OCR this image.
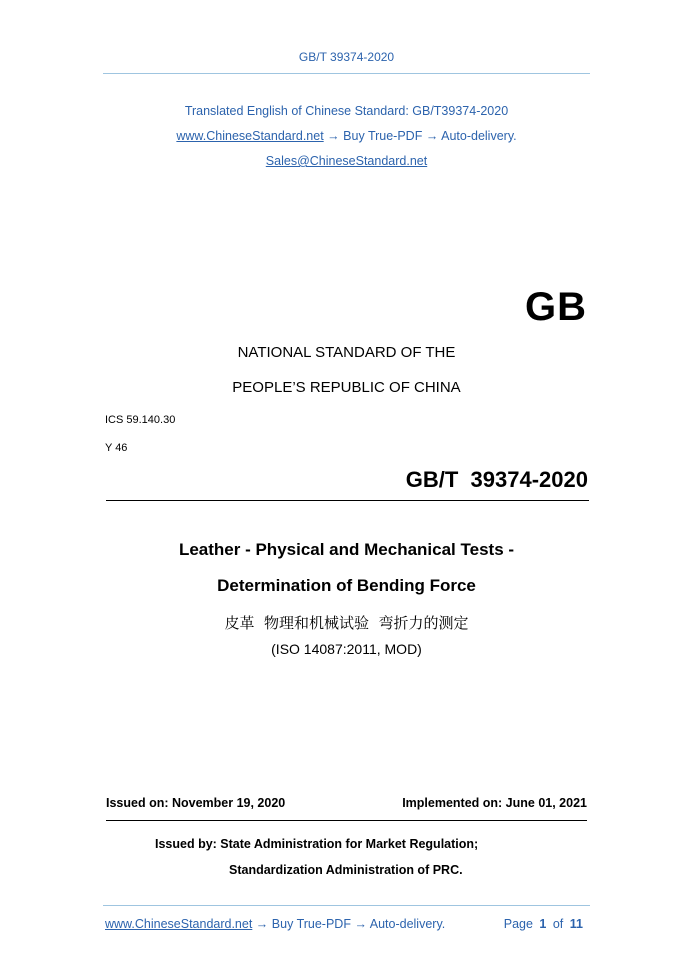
GB/T 39374-2020
Translated English of Chinese Standard: GB/T39374-2020
www.ChineseStandard.net → Buy True-PDF → Auto-delivery.
Sales@ChineseStandard.net
GB
NATIONAL STANDARD OF THE
PEOPLE’S REPUBLIC OF CHINA
ICS 59.140.30
Y 46
GB/T  39374-2020
Leather - Physical and Mechanical Tests -
Determination of Bending Force
皮革  物理和机械试验  弯折力的测定
(ISO 14087:2011, MOD)
Issued on: November 19, 2020	Implemented on: June 01, 2021
Issued by: State Administration for Market Regulation;
Standardization Administration of PRC.
www.ChineseStandard.net → Buy True-PDF → Auto-delivery.	Page 1 of 11
